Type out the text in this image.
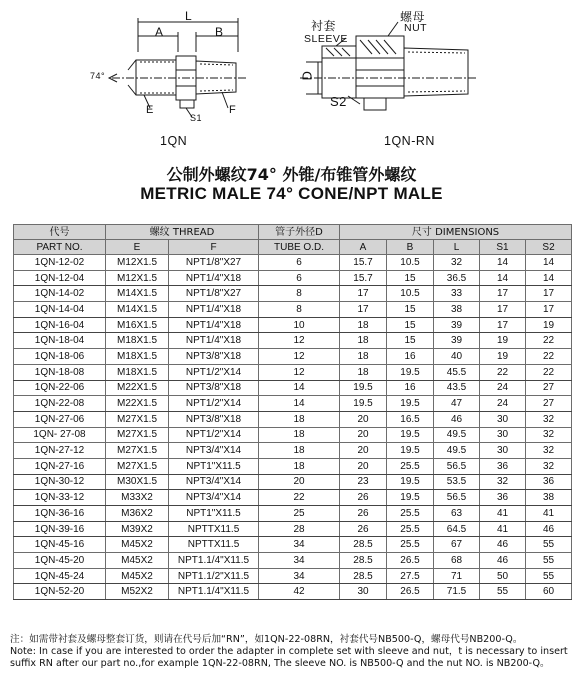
L
A	B
74°
E
S1
F
1QN
衬套
SLEEVE
螺母
NUT
D
S2
1QN-RN
公制外螺纹74° 外锥/布锥管外螺纹
METRIC MALE 74° CONE/NPT MALE
代号	螺纹 THREAD		管子外径D	尺寸 DIMENSIONS				
PART NO.	E	F	TUBE O.D.	A	B	L	S1	S2
1QN-12-02	M12X1.5	NPT1/8"X27	6	15.7	10.5	32	14	14
1QN-12-04	M12X1.5	NPT1/4"X18	6	15.7	15	36.5	14	14
1QN-14-02	M14X1.5	NPT1/8"X27	8	17	10.5	33	17	17
1QN-14-04	M14X1.5	NPT1/4"X18	8	17	15	38	17	17
1QN-16-04	M16X1.5	NPT1/4"X18	10	18	15	39	17	19
1QN-18-04	M18X1.5	NPT1/4"X18	12	18	15	39	19	22
1QN-18-06	M18X1.5	NPT3/8"X18	12	18	16	40	19	22
1QN-18-08	M18X1.5	NPT1/2"X14	12	18	19.5	45.5	22	22
1QN-22-06	M22X1.5	NPT3/8"X18	14	19.5	16	43.5	24	27
1QN-22-08	M22X1.5	NPT1/2"X14	14	19.5	19.5	47	24	27
1QN-27-06	M27X1.5	NPT3/8"X18	18	20	16.5	46	30	32
1QN- 27-08	M27X1.5	NPT1/2"X14	18	20	19.5	49.5	30	32
1QN-27-12	M27X1.5	NPT3/4"X14	18	20	19.5	49.5	30	32
1QN-27-16	M27X1.5	NPT1"X11.5	18	20	25.5	56.5	36	32
1QN-30-12	M30X1.5	NPT3/4"X14	20	23	19.5	53.5	32	36
1QN-33-12	M33X2	NPT3/4"X14	22	26	19.5	56.5	36	38
1QN-36-16	M36X2	NPT1"X11.5	25	26	25.5	63	41	41
1QN-39-16	M39X2	NPTTX11.5	28	26	25.5	64.5	41	46
1QN-45-16	M45X2	NPTTX11.5	34	28.5	25.5	67	46	55
1QN-45-20	M45X2	NPT1.1/4"X11.5	34	28.5	26.5	68	46	55
1QN-45-24	M45X2	NPT1.1/2"X11.5	34	28.5	27.5	71	50	55
1QN-52-20	M52X2	NPT1.1/4"X11.5	42	30	26.5	71.5	55	60
注：如需带衬套及螺母整套订货，则请在代号后加“RN”，如1QN-22-08RN，衬套代号NB500-Q，螺母代号NB200-Q。
Note: In case if you are interested to order the adapter in complete set with sleeve and nut，t is necessary to insert
suffix RN after our part no.,for example 1QN-22-08RN, The sleeve NO. is NB500-Q and the nut NO. is NB200-Q。
